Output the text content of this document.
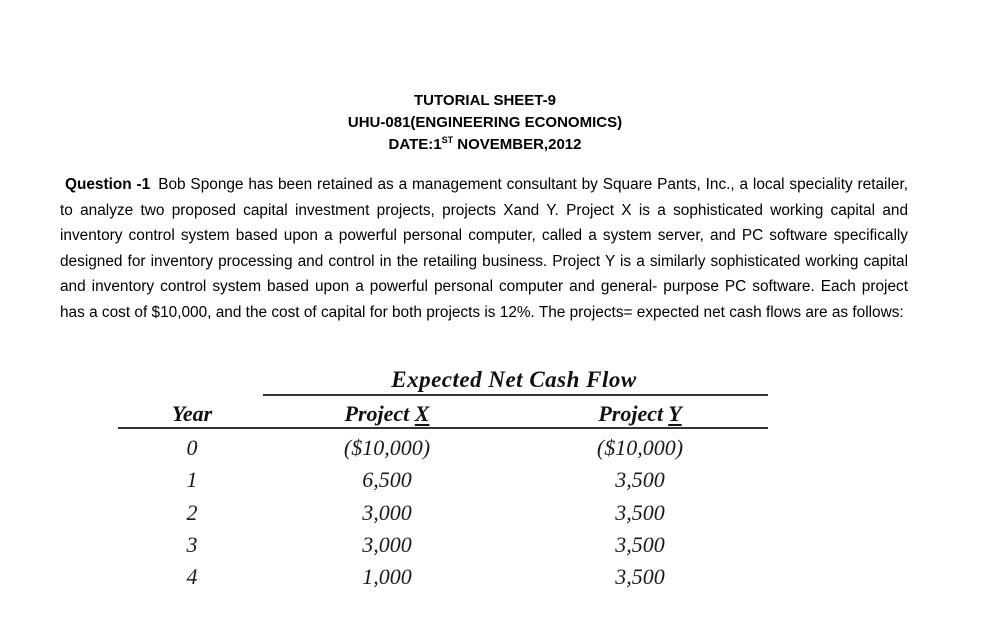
TUTORIAL SHEET-9
UHU-081(ENGINEERING ECONOMICS)
DATE:1ST NOVEMBER,2012
Question -1 Bob Sponge has been retained as a management consultant by Square Pants, Inc., a local speciality retailer, to analyze two proposed capital investment projects, projects Xand Y. Project X is a sophisticated working capital and inventory control system based upon a powerful personal computer, called a system server, and PC software specifically designed for inventory processing and control in the retailing business. Project Y is a similarly sophisticated working capital and inventory control system based upon a powerful personal computer and general- purpose PC software. Each project has a cost of $10,000, and the cost of capital for both projects is 12%. The projects= expected net cash flows are as follows:
Expected Net Cash Flow
Year	Project X	Project Y
0	($10,000)	($10,000)
1	6,500	3,500
2	3,000	3,500
3	3,000	3,500
4	1,000	3,500
